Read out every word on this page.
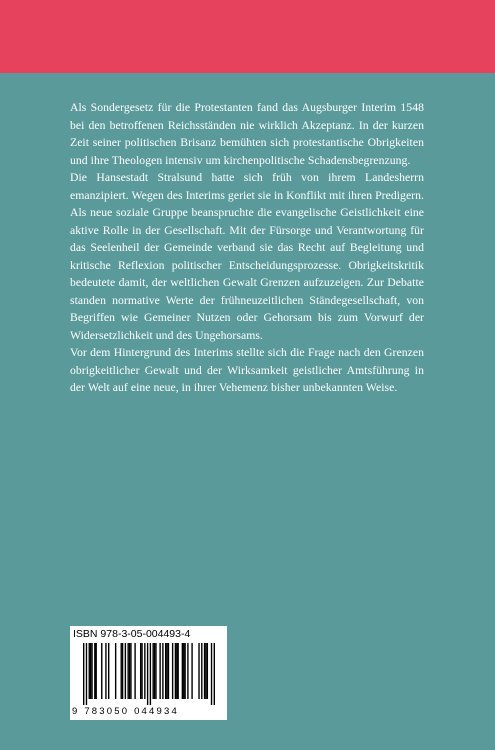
Als Sondergesetz für die Protestanten fand das Augsburger Interim 1548 bei den betroffenen Reichsständen nie wirklich Akzeptanz. In der kurzen Zeit seiner politischen Brisanz bemühten sich protestantische Obrigkeiten und ihre Theologen intensiv um kirchenpolitische Schadensbegrenzung.

Die Hansestadt Stralsund hatte sich früh von ihrem Landesherrn emanzipiert. Wegen des Interims geriet sie in Konflikt mit ihren Predigern. Als neue soziale Gruppe beanspruchte die evangelische Geistlichkeit eine aktive Rolle in der Gesellschaft. Mit der Fürsorge und Verantwortung für das Seelenheil der Gemeinde verband sie das Recht auf Begleitung und kritische Reflexion politischer Entscheidungsprozesse. Obrigkeitskritik bedeutete damit, der weltlichen Gewalt Grenzen aufzuzeigen. Zur Debatte standen normative Werte der frühneuzeitlichen Ständegesellschaft, von Begriffen wie Gemeiner Nutzen oder Gehorsam bis zum Vorwurf der Widersetzlichkeit und des Ungehorsams.

Vor dem Hintergrund des Interims stellte sich die Frage nach den Grenzen obrigkeitlicher Gewalt und der Wirksamkeit geistlicher Amtsführung in der Welt auf eine neue, in ihrer Vehemenz bisher unbekannten Weise.

ISBN 978-3-05-004493-4
9 783050 044934
